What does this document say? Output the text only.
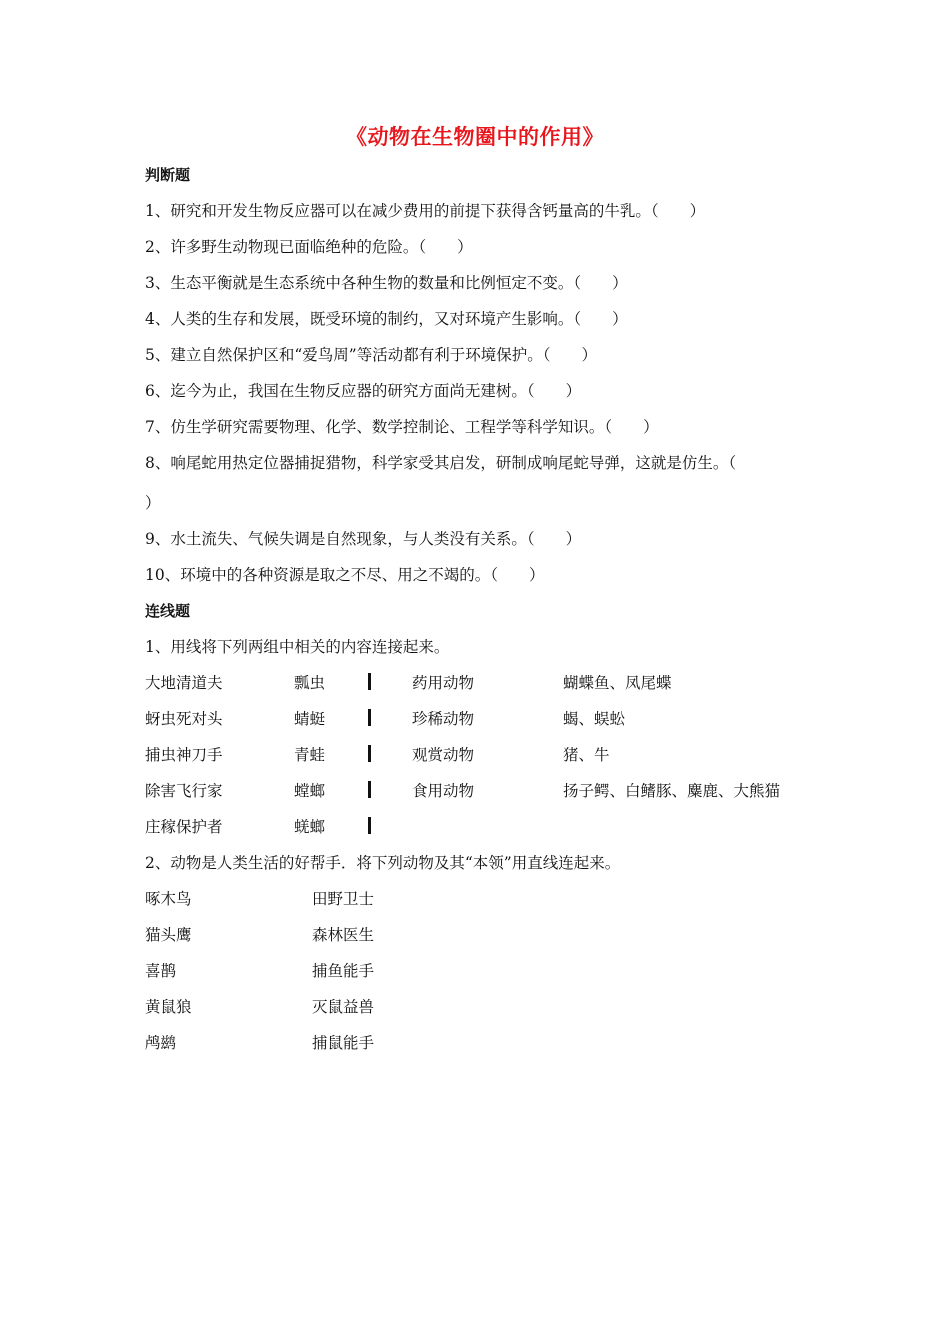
《动物在生物圈中的作用》
判断题
1、研究和开发生物反应器可以在减少费用的前提下获得含钙量高的牛乳。（　　）
2、许多野生动物现已面临绝种的危险。（　　）
3、生态平衡就是生态系统中各种生物的数量和比例恒定不变。（　　）
4、人类的生存和发展，既受环境的制约，又对环境产生影响。（　　）
5、建立自然保护区和“爱鸟周”等活动都有利于环境保护。（　　）
6、迄今为止，我国在生物反应器的研究方面尚无建树。（　　）
7、仿生学研究需要物理、化学、数学控制论、工程学等科学知识。（　　）
8、响尾蛇用热定位器捕捉猎物，科学家受其启发，研制成响尾蛇导弹，这就是仿生。（
）
9、水土流失、气候失调是自然现象，与人类没有关系。（　　）
10、环境中的各种资源是取之不尽、用之不竭的。（　　）
连线题
1、用线将下列两组中相关的内容连接起来。
大地清道夫	瓢虫	药用动物	蝴蝶鱼、凤尾蝶
蚜虫死对头	蜻蜓	珍稀动物	蝎、蜈蚣
捕虫神刀手	青蛙	观赏动物	猪、牛
除害飞行家	螳螂	食用动物	扬子鳄、白鳍豚、麋鹿、大熊猫
庄稼保护者	蜣螂
2、动物是人类生活的好帮手．将下列动物及其“本领”用直线连起来。
啄木鸟	田野卫士
猫头鹰	森林医生
喜鹊	捕鱼能手
黄鼠狼	灭鼠益兽
鸬鹚	捕鼠能手
